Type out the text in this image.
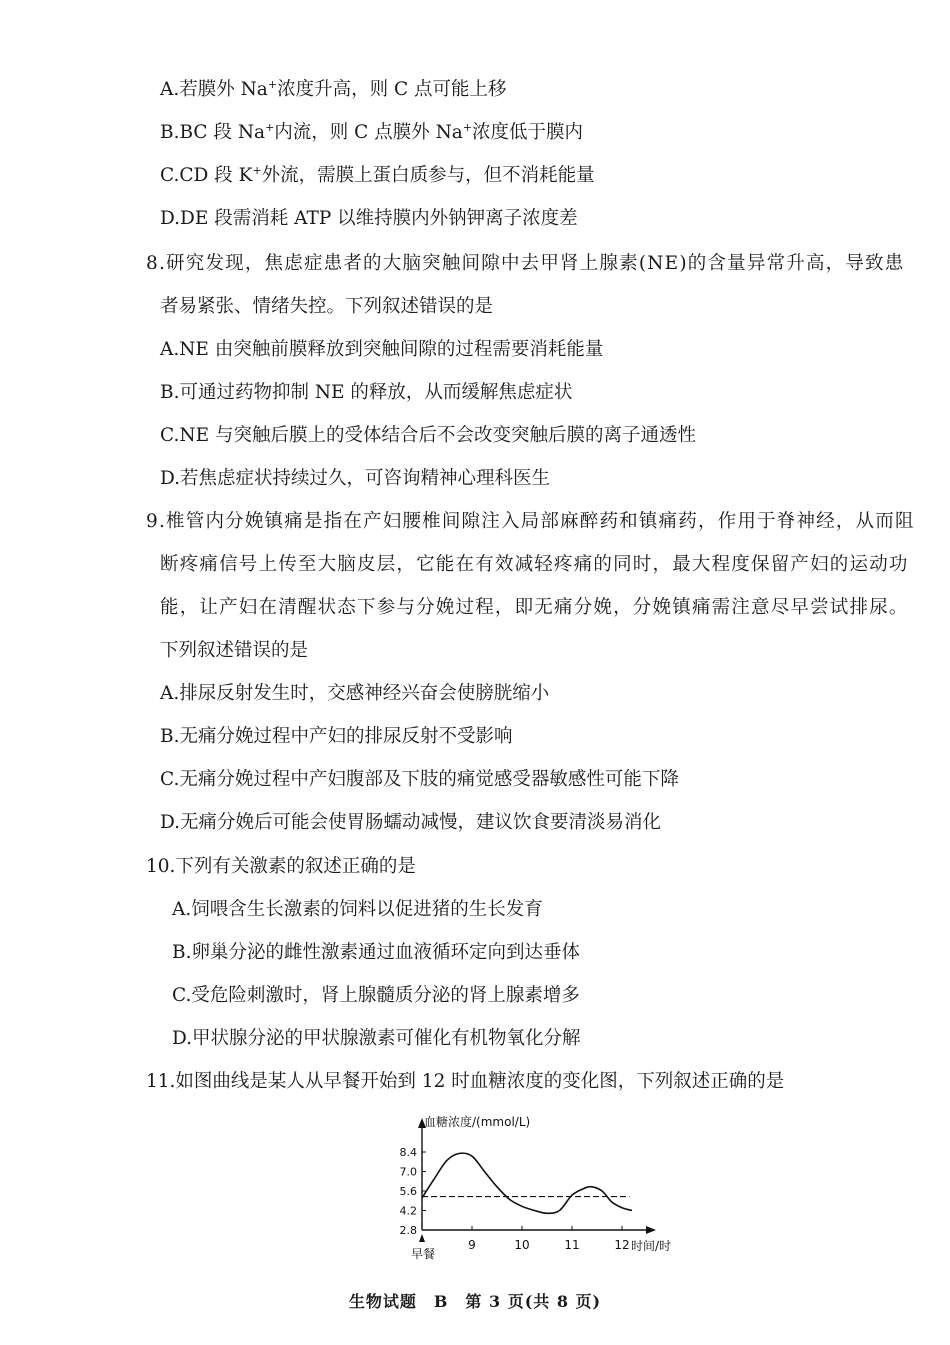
A.若膜外 Na+浓度升高，则 C 点可能上移
B.BC 段 Na+内流，则 C 点膜外 Na+浓度低于膜内
C.CD 段 K+外流，需膜上蛋白质参与，但不消耗能量
D.DE 段需消耗 ATP 以维持膜内外钠钾离子浓度差
8.研究发现，焦虑症患者的大脑突触间隙中去甲肾上腺素(NE)的含量异常升高，导致患
者易紧张、情绪失控。下列叙述错误的是
A.NE 由突触前膜释放到突触间隙的过程需要消耗能量
B.可通过药物抑制 NE 的释放，从而缓解焦虑症状
C.NE 与突触后膜上的受体结合后不会改变突触后膜的离子通透性
D.若焦虑症状持续过久，可咨询精神心理科医生
9.椎管内分娩镇痛是指在产妇腰椎间隙注入局部麻醉药和镇痛药，作用于脊神经，从而阻
断疼痛信号上传至大脑皮层，它能在有效减轻疼痛的同时，最大程度保留产妇的运动功
能，让产妇在清醒状态下参与分娩过程，即无痛分娩，分娩镇痛需注意尽早尝试排尿。
下列叙述错误的是
A.排尿反射发生时，交感神经兴奋会使膀胱缩小
B.无痛分娩过程中产妇的排尿反射不受影响
C.无痛分娩过程中产妇腹部及下肢的痛觉感受器敏感性可能下降
D.无痛分娩后可能会使胃肠蠕动减慢，建议饮食要清淡易消化
10.下列有关激素的叙述正确的是
A.饲喂含生长激素的饲料以促进猪的生长发育
B.卵巢分泌的雌性激素通过血液循环定向到达垂体
C.受危险刺激时，肾上腺髓质分泌的肾上腺素增多
D.甲状腺分泌的甲状腺激素可催化有机物氧化分解
11.如图曲线是某人从早餐开始到 12 时血糖浓度的变化图，下列叙述正确的是
8.4
7.0
5.6
4.2
2.8
早餐
9	10	11	12
血糖浓度/(mmol/L)
时间/时
生物试题　B　第 3 页(共 8 页)
